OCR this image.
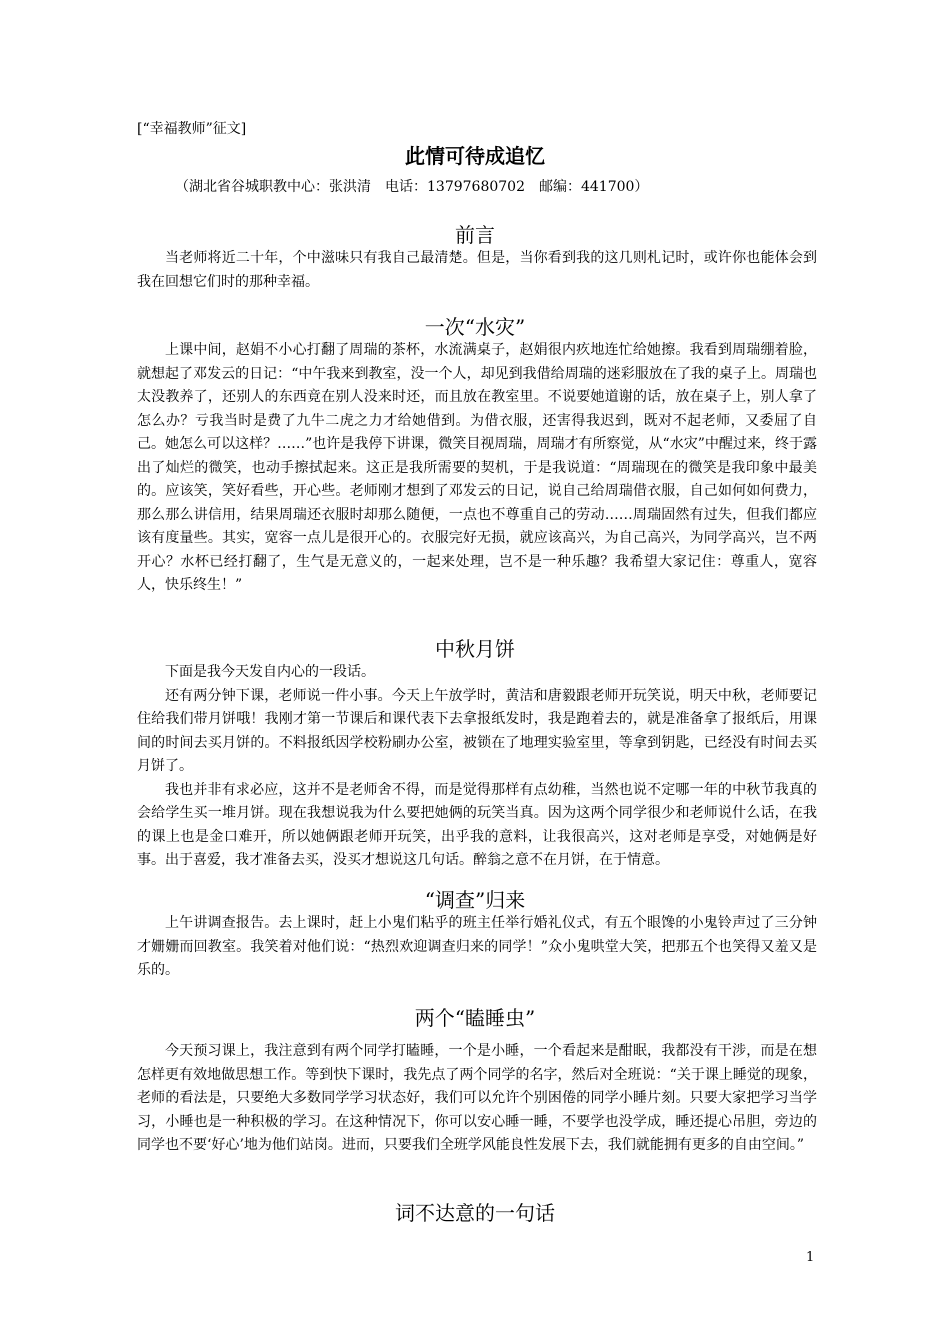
[“幸福教师”征文]
此情可待成追忆
（湖北省谷城职教中心：张洪清　电话：13797680702　邮编：441700）
前言

当老师将近二十年，个中滋味只有我自己最清楚。但是，当你看到我的这几则札记时，或许你也能体会到我在回想它们时的那种幸福。

一次“水灾”

上课中间，赵娟不小心打翻了周瑞的茶杯，水流满桌子，赵娟很内疚地连忙给她擦。我看到周瑞绷着脸，就想起了邓发云的日记：“中午我来到教室，没一个人，却见到我借给周瑞的迷彩服放在了我的桌子上。周瑞也太没教养了，还别人的东西竟在别人没来时还，而且放在教室里。不说要她道谢的话，放在桌子上，别人拿了怎么办？亏我当时是费了九牛二虎之力才给她借到。为借衣服，还害得我迟到，既对不起老师，又委屈了自己。她怎么可以这样？……”也许是我停下讲课，微笑目视周瑞，周瑞才有所察觉，从“水灾”中醒过来，终于露出了灿烂的微笑，也动手擦拭起来。这正是我所需要的契机，于是我说道：“周瑞现在的微笑是我印象中最美的。应该笑，笑好看些，开心些。老师刚才想到了邓发云的日记，说自己给周瑞借衣服，自己如何如何费力，那么那么讲信用，结果周瑞还衣服时却那么随便，一点也不尊重自己的劳动……周瑞固然有过失，但我们都应该有度量些。其实，宽容一点儿是很开心的。衣服完好无损，就应该高兴，为自己高兴，为同学高兴，岂不两开心？水杯已经打翻了，生气是无意义的，一起来处理，岂不是一种乐趣？我希望大家记住：尊重人，宽容人，快乐终生！”

中秋月饼

下面是我今天发自内心的一段话。

还有两分钟下课，老师说一件小事。今天上午放学时，黄洁和唐毅跟老师开玩笑说，明天中秋，老师要记住给我们带月饼哦！我刚才第一节课后和课代表下去拿报纸发时，我是跑着去的，就是准备拿了报纸后，用课间的时间去买月饼的。不料报纸因学校粉刷办公室，被锁在了地理实验室里，等拿到钥匙，已经没有时间去买月饼了。

我也并非有求必应，这并不是老师舍不得，而是觉得那样有点幼稚，当然也说不定哪一年的中秋节我真的会给学生买一堆月饼。现在我想说我为什么要把她俩的玩笑当真。因为这两个同学很少和老师说什么话，在我的课上也是金口难开，所以她俩跟老师开玩笑，出乎我的意料，让我很高兴，这对老师是享受，对她俩是好事。出于喜爱，我才准备去买，没买才想说这几句话。醉翁之意不在月饼，在于情意。

“调查”归来

上午讲调查报告。去上课时，赶上小鬼们粘乎的班主任举行婚礼仪式，有五个眼馋的小鬼铃声过了三分钟才姗姗而回教室。我笑着对他们说：“热烈欢迎调查归来的同学！”众小鬼哄堂大笑，把那五个也笑得又羞又是乐的。

两个“瞌睡虫”

今天预习课上，我注意到有两个同学打瞌睡，一个是小睡，一个看起来是酣眠，我都没有干涉，而是在想怎样更有效地做思想工作。等到快下课时，我先点了两个同学的名字，然后对全班说：“关于课上睡觉的现象，老师的看法是，只要绝大多数同学学习状态好，我们可以允许个别困倦的同学小睡片刻。只要大家把学习当学习，小睡也是一种积极的学习。在这种情况下，你可以安心睡一睡，不要学也没学成，睡还提心吊胆，旁边的同学也不要‘好心’地为他们站岗。进而，只要我们全班学风能良性发展下去，我们就能拥有更多的自由空间。”

词不达意的一句话
1
